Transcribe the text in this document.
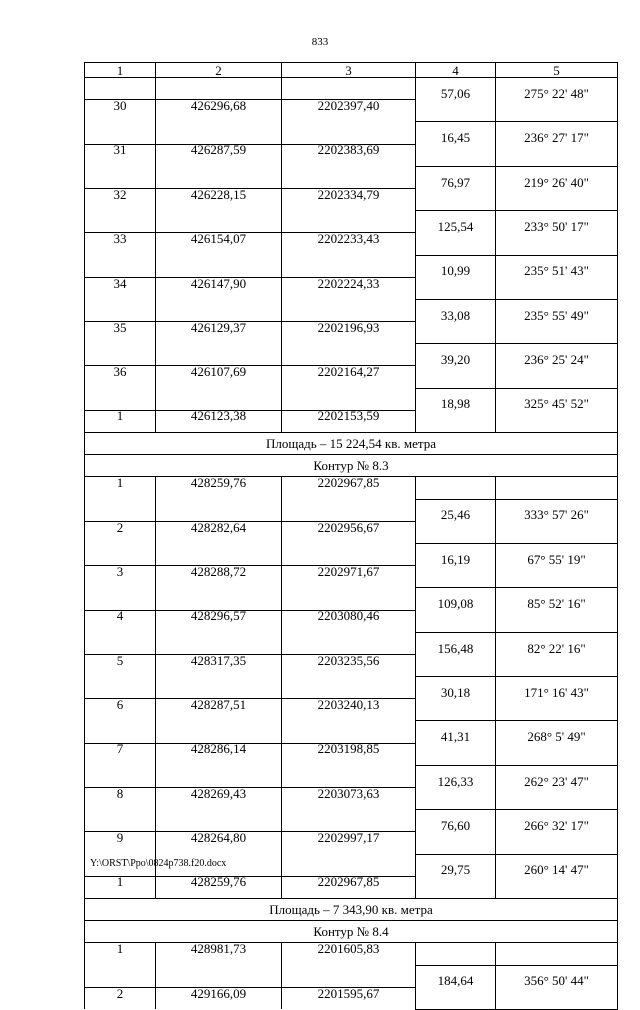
833
1	2	3	4	5

			57,06	275° 22' 48"

30	426296,68	2202397,40		

			16,45	236° 27' 17"

31	426287,59	2202383,69		

			76,97	219° 26' 40"

32	426228,15	2202334,79		

			125,54	233° 50' 17"

33	426154,07	2202233,43		

			10,99	235° 51' 43"

34	426147,90	2202224,33		

			33,08	235° 55' 49"

35	426129,37	2202196,93		

			39,20	236° 25' 24"

36	426107,69	2202164,27		

			18,98	325° 45' 52"

1	426123,38	2202153,59		

Площадь – 15 224,54 кв. метра				
Контур № 8.3				

1	428259,76	2202967,85		

			25,46	333° 57' 26"

2	428282,64	2202956,67		

			16,19	67° 55' 19"

3	428288,72	2202971,67		

			109,08	85° 52' 16"

4	428296,57	2203080,46		

			156,48	82° 22' 16"

5	428317,35	2203235,56		

			30,18	171° 16' 43"

6	428287,51	2203240,13		

			41,31	268° 5' 49"

7	428286,14	2203198,85		

			126,33	262° 23' 47"

8	428269,43	2203073,63		

			76,60	266° 32' 17"

9	428264,80	2202997,17		

			29,75	260° 14' 47"

1	428259,76	2202967,85		

Площадь – 7 343,90 кв. метра				
Контур № 8.4				

1	428981,73	2201605,83		

			184,64	356° 50' 44"

2	429166,09	2201595,67		

Y:\ORST\Ppo\0824p738.f20.docx
